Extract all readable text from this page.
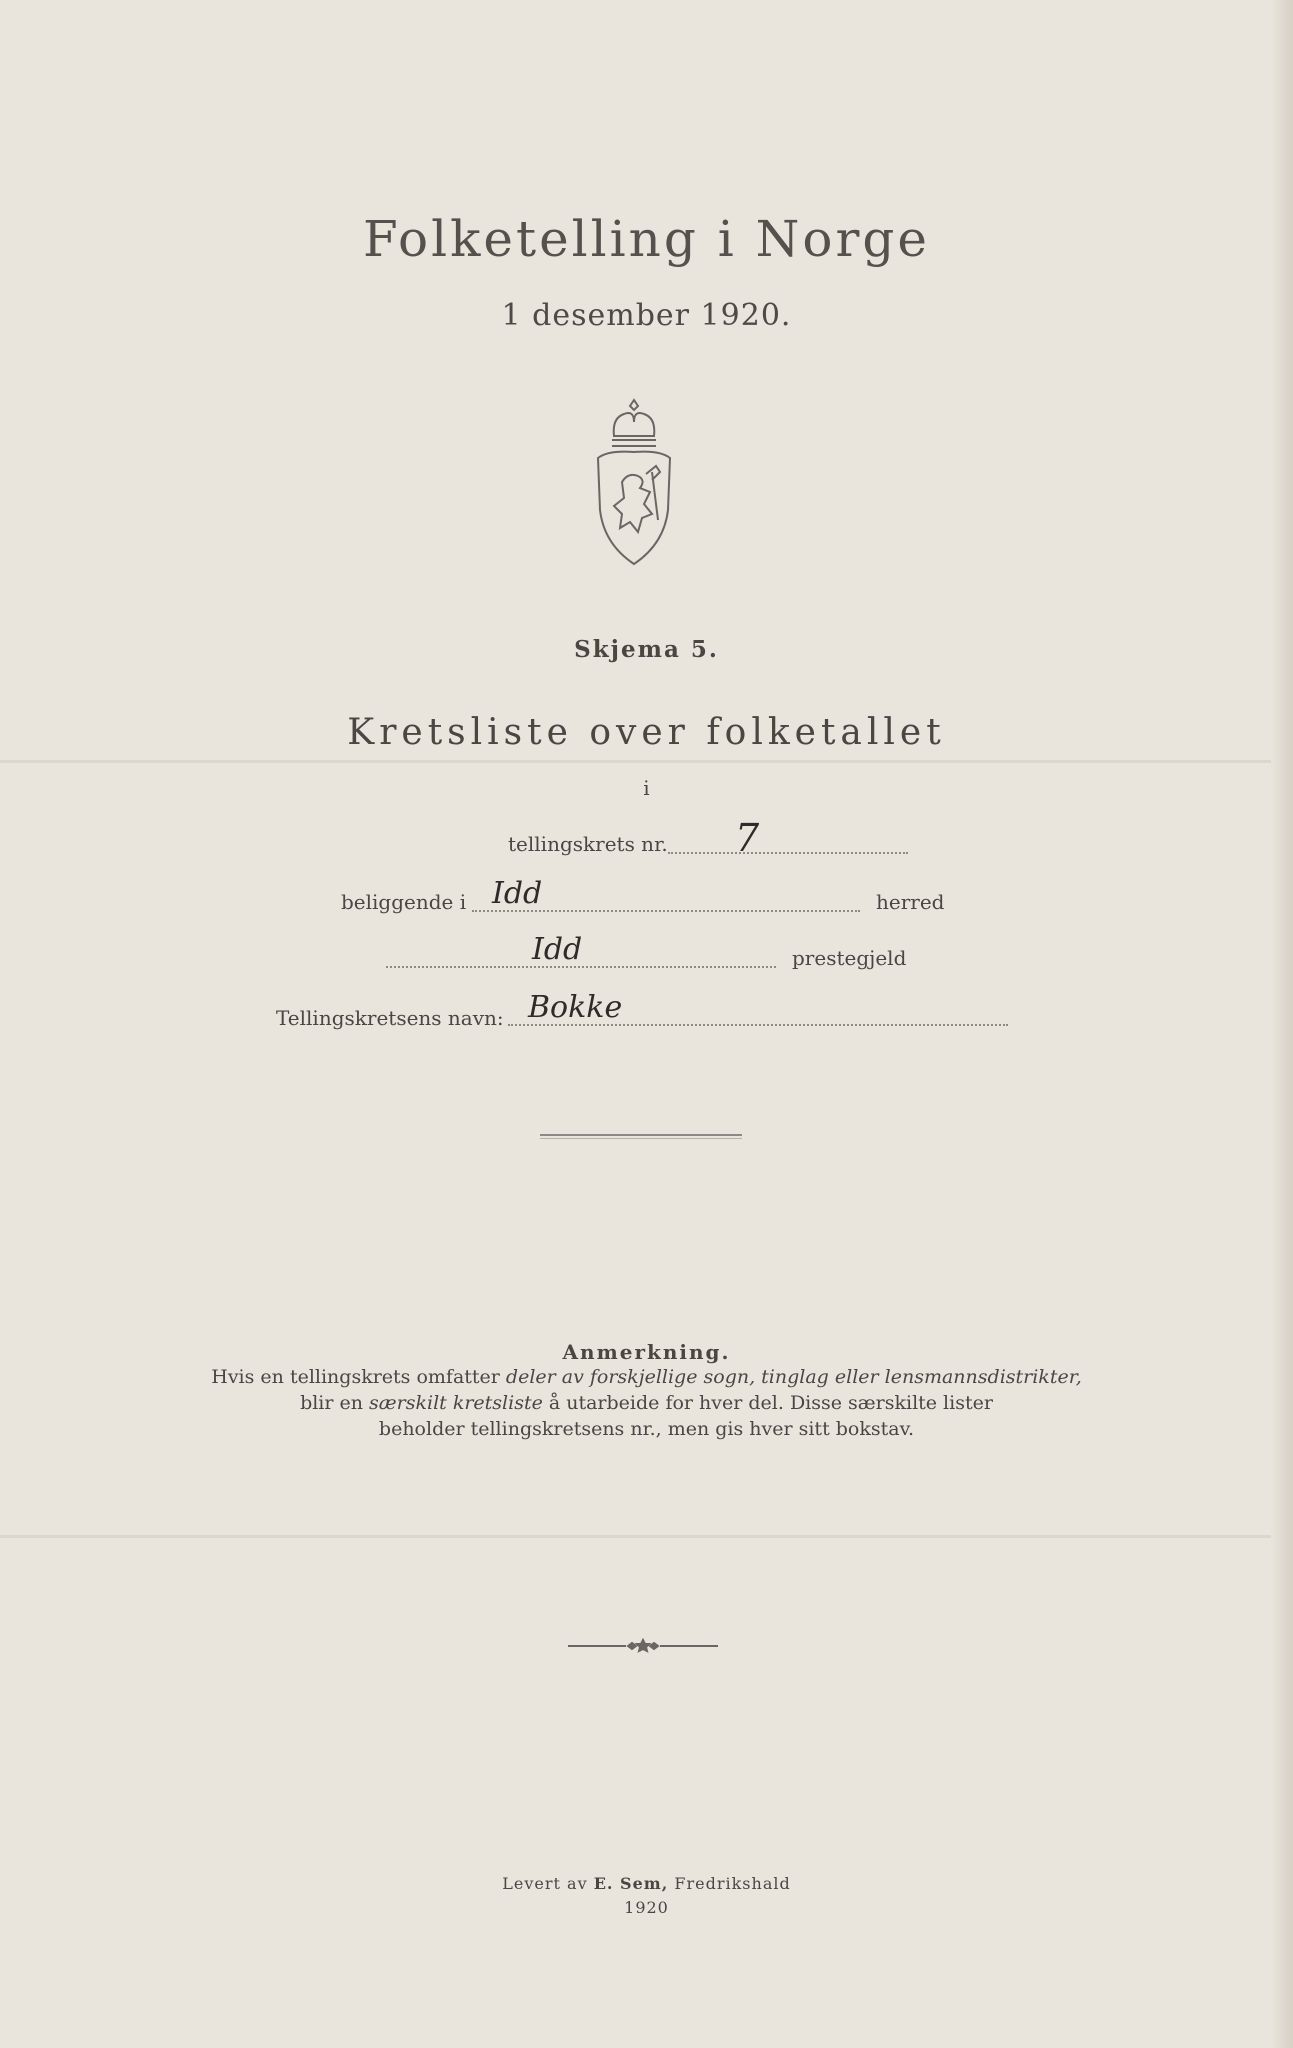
Folketelling i Norge
1 desember 1920.
Skjema 5.
Kretsliste over folketallet
i
tellingskrets nr. 7
beliggende i Idd	herred
Idd	prestegjeld
Tellingskretsens navn: Bokke
Anmerkning.
Hvis en tellingskrets omfatter deler av forskjellige sogn, tinglag eller lensmannsdistrikter,
blir en særskilt kretsliste å utarbeide for hver del. Disse særskilte lister
beholder tellingskretsens nr., men gis hver sitt bokstav.
Levert av E. Sem, Fredrikshald
1920
